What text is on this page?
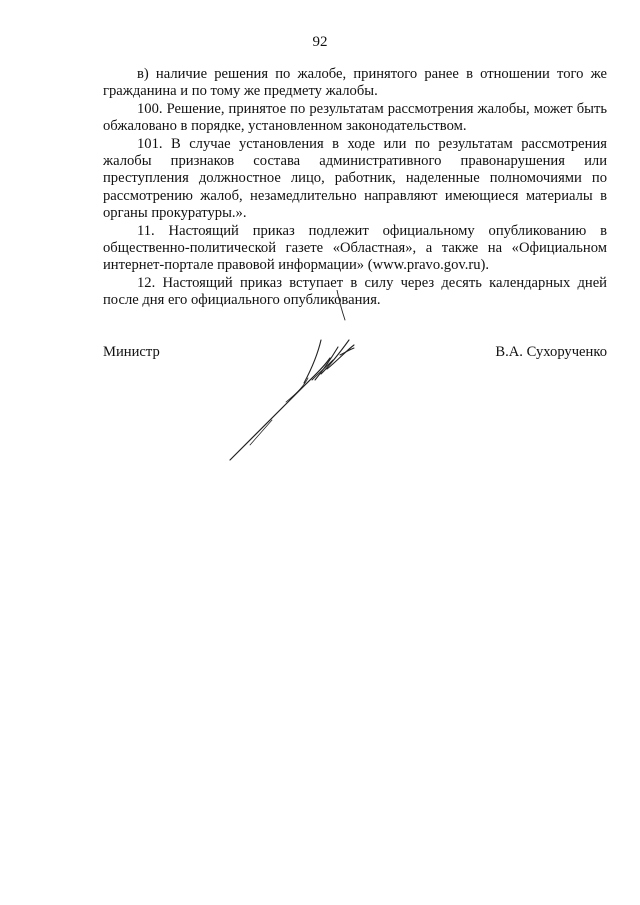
92

в) наличие решения по жалобе, принятого ранее в отношении того же гражданина и по тому же предмету жалобы.

100. Решение, принятое по результатам рассмотрения жалобы, может быть обжаловано в порядке, установленном законодательством.

101. В случае установления в ходе или по результатам рассмотрения жалобы признаков состава административного правонарушения или преступления должностное лицо, работник, наделенные полномочиями по рассмотрению жалоб, незамедлительно направляют имеющиеся материалы в органы прокуратуры.».

11. Настоящий приказ подлежит официальному опубликованию в общественно-политической газете «Областная», а также на «Официальном интернет-портале правовой информации» (www.pravo.gov.ru).

12. Настоящий приказ вступает в силу через десять календарных дней после дня его официального опубликования.

Министр	В.А. Сухорученко
